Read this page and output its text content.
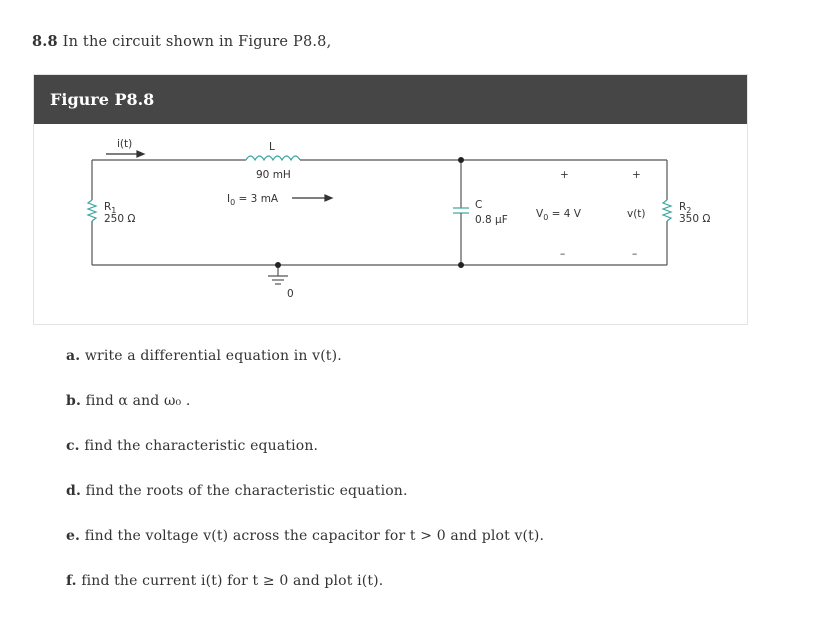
8.8 In the circuit shown in Figure P8.8,
Figure P8.8
i(t)	L
90 mH
$I_0 = 3$ mA
$R_1$
250 Ω
0
C
0.8 μF
+
$V_0 = 4$ V
–
+
v(t)
–
$R_2$
350 Ω
a. write a differential equation in v(t).
b. find α and ω₀ .
c. find the characteristic equation.
d. find the roots of the characteristic equation.
e. find the voltage v(t) across the capacitor for t > 0 and plot v(t).
f. find the current i(t) for t ≥ 0 and plot i(t).
